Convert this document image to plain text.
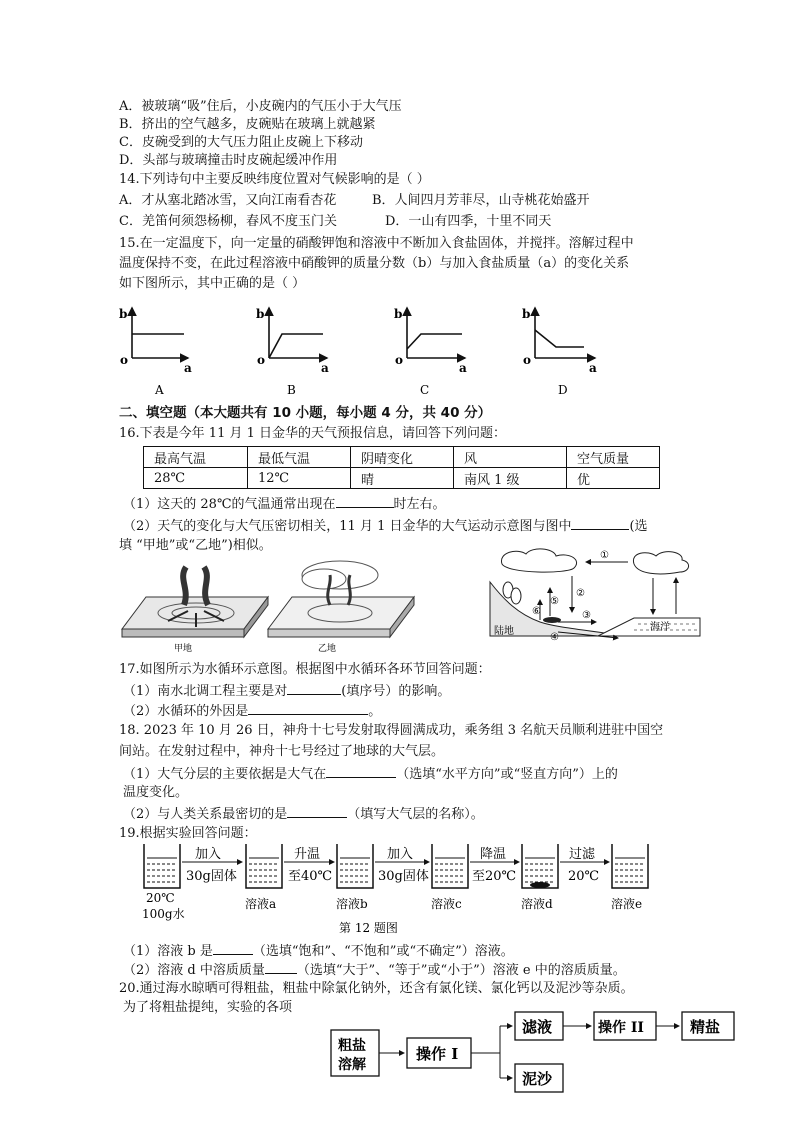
A．被玻璃“吸”住后，小皮碗内的气压小于大气压
B．挤出的空气越多，皮碗贴在玻璃上就越紧
C．皮碗受到的大气压力阻止皮碗上下移动
D．头部与玻璃撞击时皮碗起缓冲作用
14.下列诗句中主要反映纬度位置对气候影响的是（ ）
A．才从塞北踏冰雪，又向江南看杏花	B．人间四月芳菲尽，山寺桃花始盛开
C．羌笛何须怨杨柳，春风不度玉门关	D．一山有四季，十里不同天
15.在一定温度下，向一定量的硝酸钾饱和溶液中不断加入食盐固体，并搅拌。溶解过程中
温度保持不变，在此过程溶液中硝酸钾的质量分数（b）与加入食盐质量（a）的变化关系
如下图所示，其中正确的是（ ）
b
a
o
b
a
o
b
a
o
b
a
o
A	B	C	D
二、填空题（本大题共有 10 小题，每小题 4 分，共 40 分）
16.下表是今年 11 月 1 日金华的天气预报信息，请回答下列问题：
最高气温	最低气温	阴晴变化	风	空气质量
28℃	12℃	晴	南风 1 级	优
（1）这天的 28℃的气温通常出现在	时左右。
（2）天气的变化与大气压密切相关，11 月 1 日金华的大气运动示意图与图中	(选
填 “甲地”或“乙地”)相似。
甲地	乙地
①
②
③
④
⑤
⑥
陆地	海洋
17.如图所示为水循环示意图。根据图中水循环各环节回答问题：
（1）南水北调工程主要是对	(填序号）的影响。
（2）水循环的外因是	。
18. 2023 年 10 月 26 日，神舟十七号发射取得圆满成功，乘务组 3 名航天员顺利进驻中国空
间站。在发射过程中，神舟十七号经过了地球的大气层。
（1）大气分层的主要依据是大气在	（选填“水平方向”或“竖直方向”）上的
温度变化。
（2）与人类关系最密切的是	（填写大气层的名称）。
19.根据实验回答问题：
加入
30g固体
升温
至40℃
加入
30g固体
降温
至20℃
过滤
20℃
20℃
100g水
溶液a	溶液b	溶液c	溶液d	溶液e
第 12 题图
（1）溶液 b 是	（选填“饱和”、“不饱和”或“不确定”）溶液。
（2）溶液 d 中溶质质量 （选填“大于”、“等于”或“小于”）溶液 e 中的溶质质量。
20.通过海水晾晒可得粗盐，粗盐中除氯化钠外，还含有氯化镁、氯化钙以及泥沙等杂质。
为了将粗盐提纯，实验的各项
粗盐
溶解
操作 I
滤液	操作 II	精盐
泥沙
